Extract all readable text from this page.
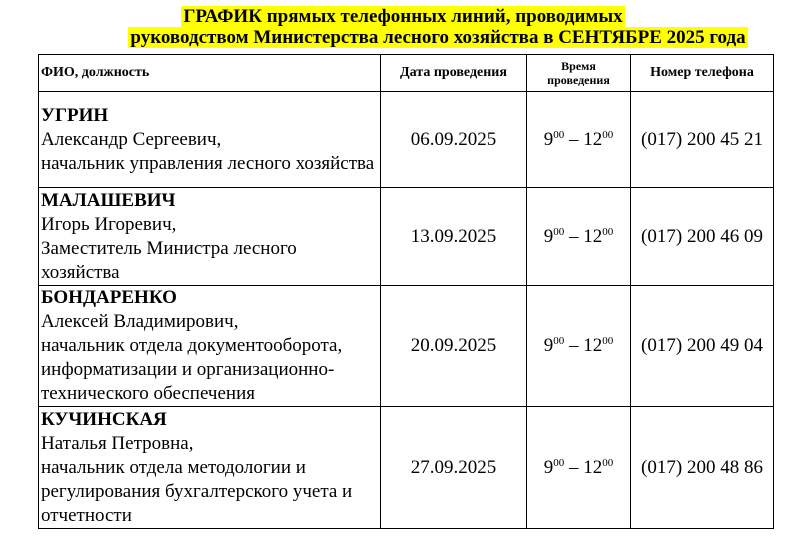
ГРАФИК прямых телефонных линий, проводимых
руководством Министерства лесного хозяйства в СЕНТЯБРЕ 2025 года
ФИО, должность	Дата проведения	Время
проведения	Номер телефона

УГРИН
Александр Сергеевич,
начальник управления лесного хозяйства	06.09.2025	$9^{00} - 12^{00}$	(017) 200 45 21

МАЛАШЕВИЧ
Игорь Игоревич,
Заместитель Министра лесного хозяйства	13.09.2025	$9^{00} - 12^{00}$	(017) 200 46 09

БОНДАРЕНКО
Алексей Владимирович,
начальник отдела документооборота, информатизации и организационно-технического обеспечения	20.09.2025	$9^{00} - 12^{00}$	(017) 200 49 04

КУЧИНСКАЯ
Наталья Петровна,
начальник отдела методологии и регулирования бухгалтерского учета и отчетности	27.09.2025	$9^{00} - 12^{00}$	(017) 200 48 86
